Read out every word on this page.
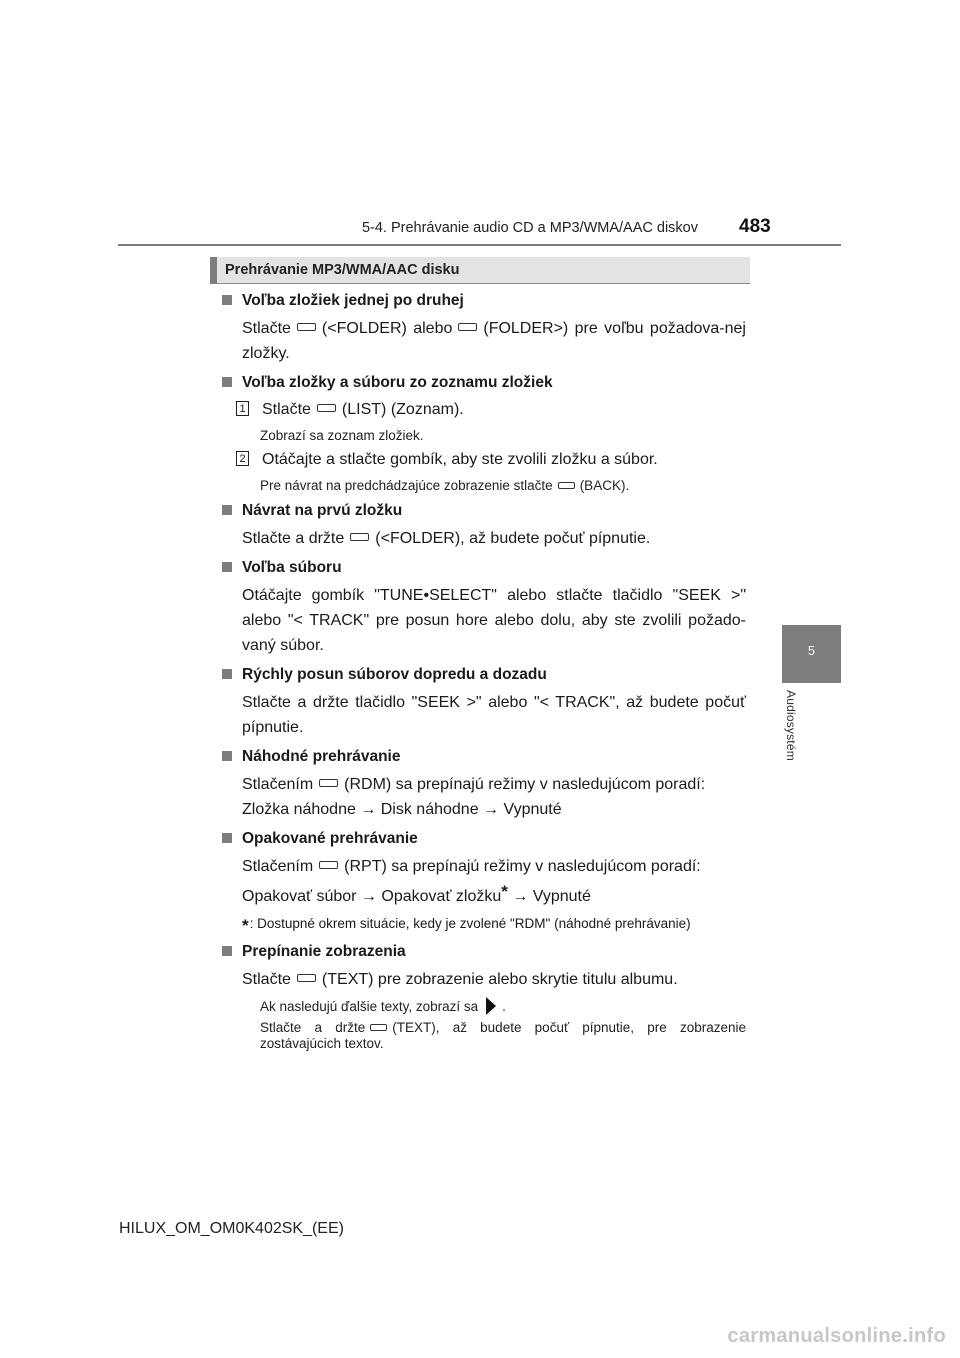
5-4. Prehrávanie audio CD a MP3/WMA/AAC diskov 483
5
Audiosystém
Prehrávanie MP3/WMA/AAC disku

Voľba zložiek jednej po druhej

Stlačte (<FOLDER) alebo (FOLDER>) pre voľbu požadova-nej zložky.

Voľba zložky a súboru zo zoznamu zložiek

1 Stlačte (LIST) (Zoznam).

Zobrazí sa zoznam zložiek.

2 Otáčajte a stlačte gombík, aby ste zvolili zložku a súbor.

Pre návrat na predchádzajúce zobrazenie stlačte (BACK).

Návrat na prvú zložku

Stlačte a držte (<FOLDER), až budete počuť pípnutie.

Voľba súboru

Otáčajte gombík "TUNE•SELECT" alebo stlačte tlačidlo "SEEK >" alebo "< TRACK" pre posun hore alebo dolu, aby ste zvolili požado-vaný súbor.

Rýchly posun súborov dopredu a dozadu

Stlačte a držte tlačidlo "SEEK >" alebo "< TRACK", až budete počuť pípnutie.

Náhodné prehrávanie

Stlačením (RDM) sa prepínajú režimy v nasledujúcom poradí:
Zložka náhodne → Disk náhodne → Vypnuté

Opakované prehrávanie

Stlačením (RPT) sa prepínajú režimy v nasledujúcom poradí:
Opakovať súbor → Opakovať zložku* → Vypnuté

*: Dostupné okrem situácie, kedy je zvolené "RDM" (náhodné prehrávanie)

Prepínanie zobrazenia

Stlačte (TEXT) pre zobrazenie alebo skrytie titulu albumu.

Ak nasledujú ďalšie texty, zobrazí sa .

Stlačte a držte (TEXT), až budete počuť pípnutie, pre zobrazenie zostávajúcich textov.

HILUX_OM_OM0K402SK_(EE)
carmanualsonline.info
